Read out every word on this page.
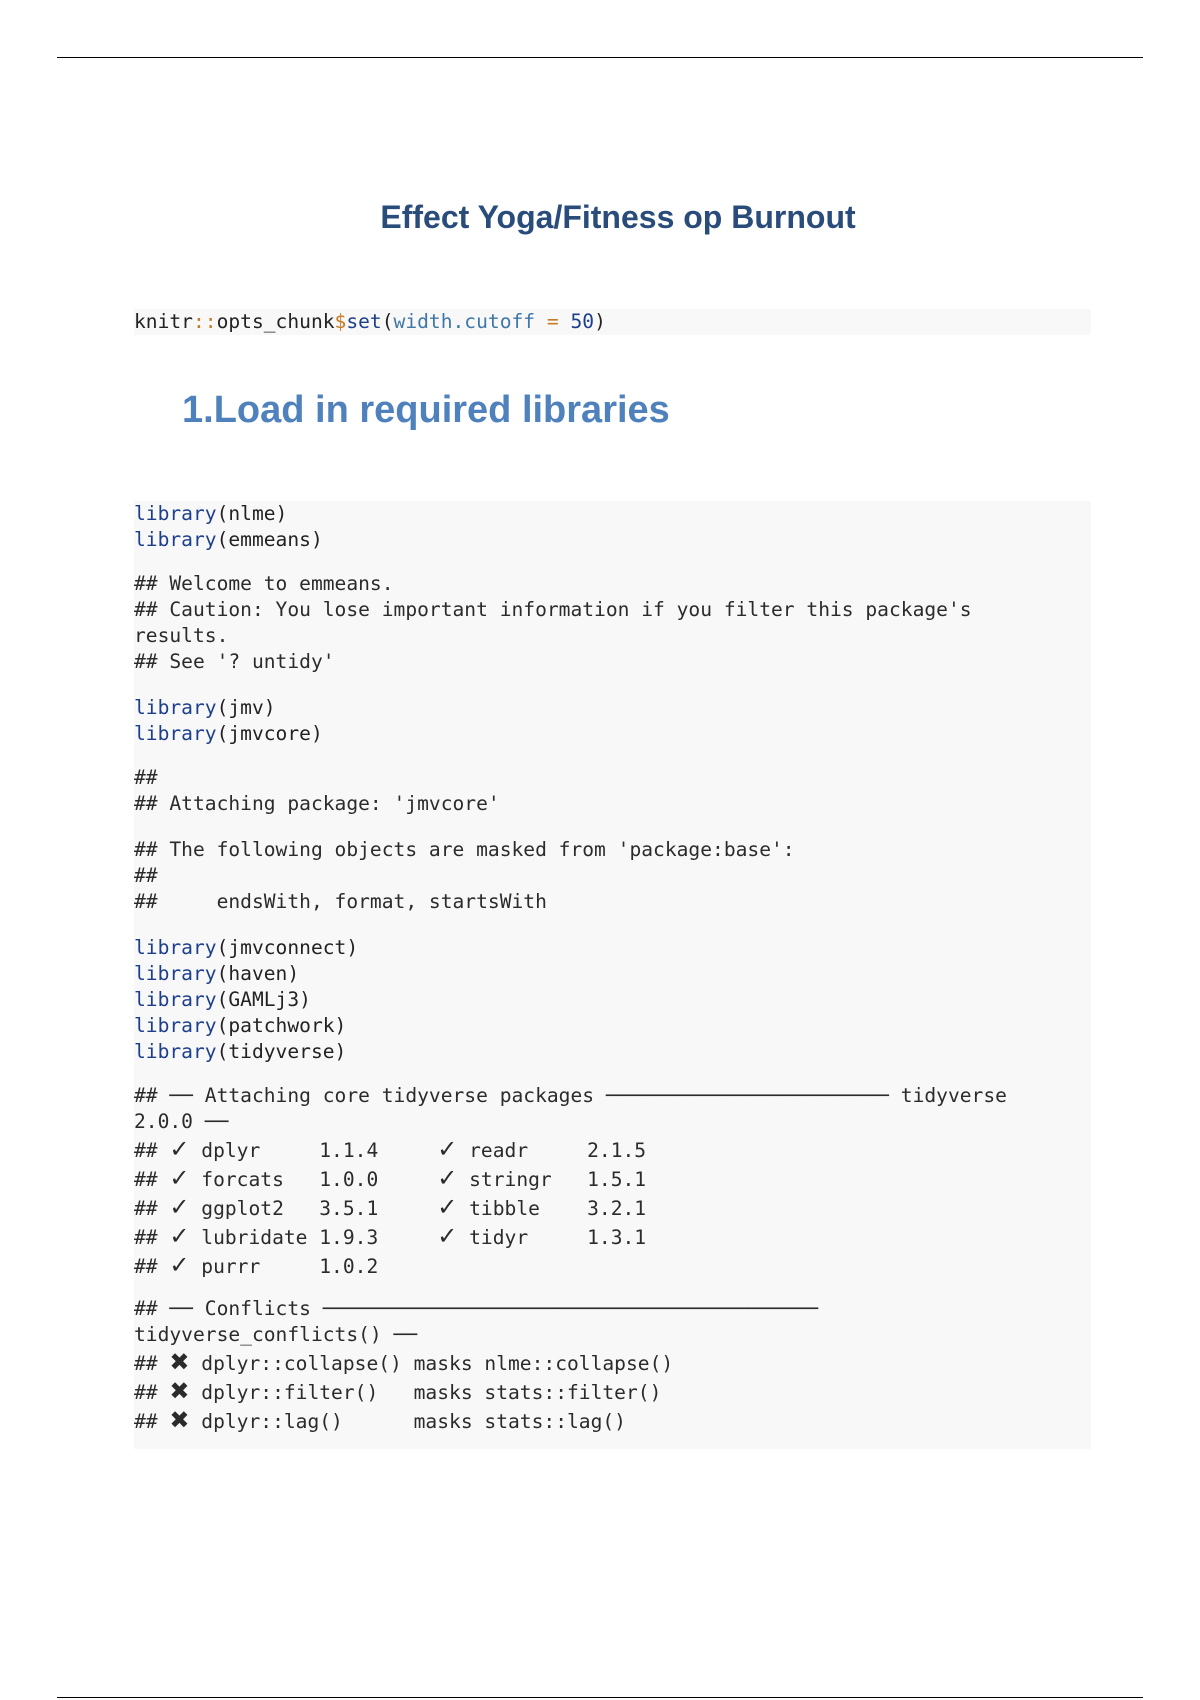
Effect Yoga/Fitness op Burnout
knitr::opts_chunk$set(width.cutoff = 50)
1.Load in required libraries
library(nlme)
library(emmeans)
## Welcome to emmeans.
## Caution: You lose important information if you filter this package's
results.
## See '? untidy'
library(jmv)
library(jmvcore)
##
## Attaching package: 'jmvcore'
## The following objects are masked from 'package:base':
##
##     endsWith, format, startsWith
library(jmvconnect)
library(haven)
library(GAMLj3)
library(patchwork)
library(tidyverse)
## ── Attaching core tidyverse packages ──────────────────────── tidyverse
2.0.0 ──
## ✓ dplyr     1.1.4     ✓ readr     2.1.5
## ✓ forcats   1.0.0     ✓ stringr   1.5.1
## ✓ ggplot2   3.5.1     ✓ tibble    3.2.1
## ✓ lubridate 1.9.3     ✓ tidyr     1.3.1
## ✓ purrr     1.0.2
## ── Conflicts ──────────────────────────────────────────
tidyverse_conflicts() ──
## ✖ dplyr::collapse() masks nlme::collapse()
## ✖ dplyr::filter()   masks stats::filter()
## ✖ dplyr::lag()      masks stats::lag()
